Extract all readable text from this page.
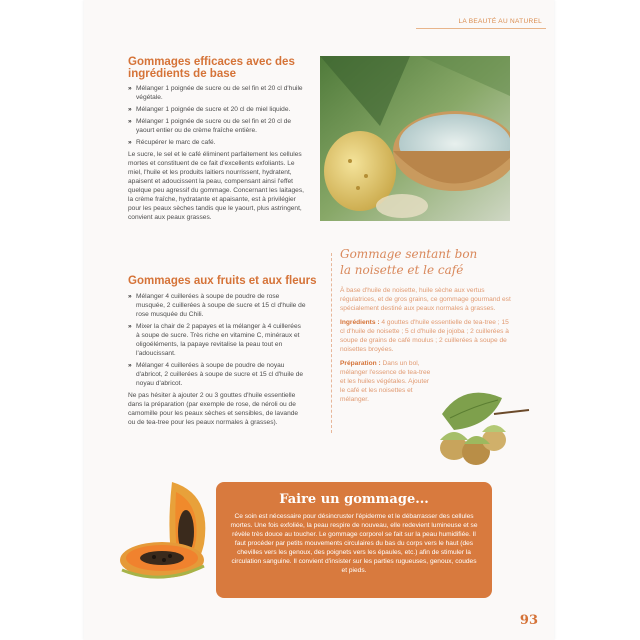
LA BEAUTÉ AU NATUREL
Gommages efficaces avec des ingrédients de base
» Mélanger 1 poignée de sucre ou de sel fin et 20 cl d'huile végétale.
» Mélanger 1 poignée de sucre et 20 cl de miel liquide.
» Mélanger 1 poignée de sucre ou de sel fin et 20 cl de yaourt entier ou de crème fraîche entière.
» Récupérer le marc de café.

Le sucre, le sel et le café éliminent parfaitement les cellules mortes et constituent de ce fait d'excellents exfoliants. Le miel, l'huile et les produits laitiers nourrissent, hydratent, apaisent et adoucissent la peau, compensant ainsi l'effet quelque peu agressif du gommage. Concernant les laitages, la crème fraîche, hydratante et apaisante, est à privilégier pour les peaux sèches tandis que le yaourt, plus astringent, convient aux peaux grasses.

Gommages aux fruits et aux fleurs
» Mélanger 4 cuillerées à soupe de poudre de rose musquée, 2 cuillerées à soupe de sucre et 15 cl d'huile de rose musquée du Chili.
» Mixer la chair de 2 papayes et la mélanger à 4 cuillerées à soupe de sucre. Très riche en vitamine C, minéraux et oligoéléments, la papaye revitalise la peau tout en l'adoucissant.
» Mélanger 4 cuillerées à soupe de poudre de noyau d'abricot, 2 cuillerées à soupe de sucre et 15 cl d'huile de noyau d'abricot.

Ne pas hésiter à ajouter 2 ou 3 gouttes d'huile essentielle dans la préparation (par exemple de rose, de néroli ou de camomille pour les peaux sèches et sensibles, de lavande ou de tea-tree pour les peaux normales à grasses).

Gommage sentant bon
la noisette et le café

À base d'huile de noisette, huile sèche aux vertus régulatrices, et de gros grains, ce gommage gourmand est spécialement destiné aux peaux normales à grasses.

Ingrédients : 4 gouttes d'huile essentielle de tea-tree ; 15 cl d'huile de noisette ; 5 cl d'huile de jojoba ; 2 cuillerées à soupe de grains de café moulus ; 2 cuillerées à soupe de noisettes broyées.

Préparation : Dans un bol, mélanger l'essence de tea-tree et les huiles végétales. Ajouter le café et les noisettes et mélanger.

Faire un gommage...
Ce soin est nécessaire pour désincruster l'épiderme et le débarrasser des cellules mortes. Une fois exfoliée, la peau respire de nouveau, elle redevient lumineuse et se révèle très douce au toucher. Le gommage corporel se fait sur la peau humidifiée. Il faut procéder par petits mouvements circulaires du bas du corps vers le haut (des chevilles vers les genoux, des poignets vers les épaules, etc.) afin de stimuler la circulation sanguine. Il convient d'insister sur les parties rugueuses, genoux, coudes et pieds.
93
